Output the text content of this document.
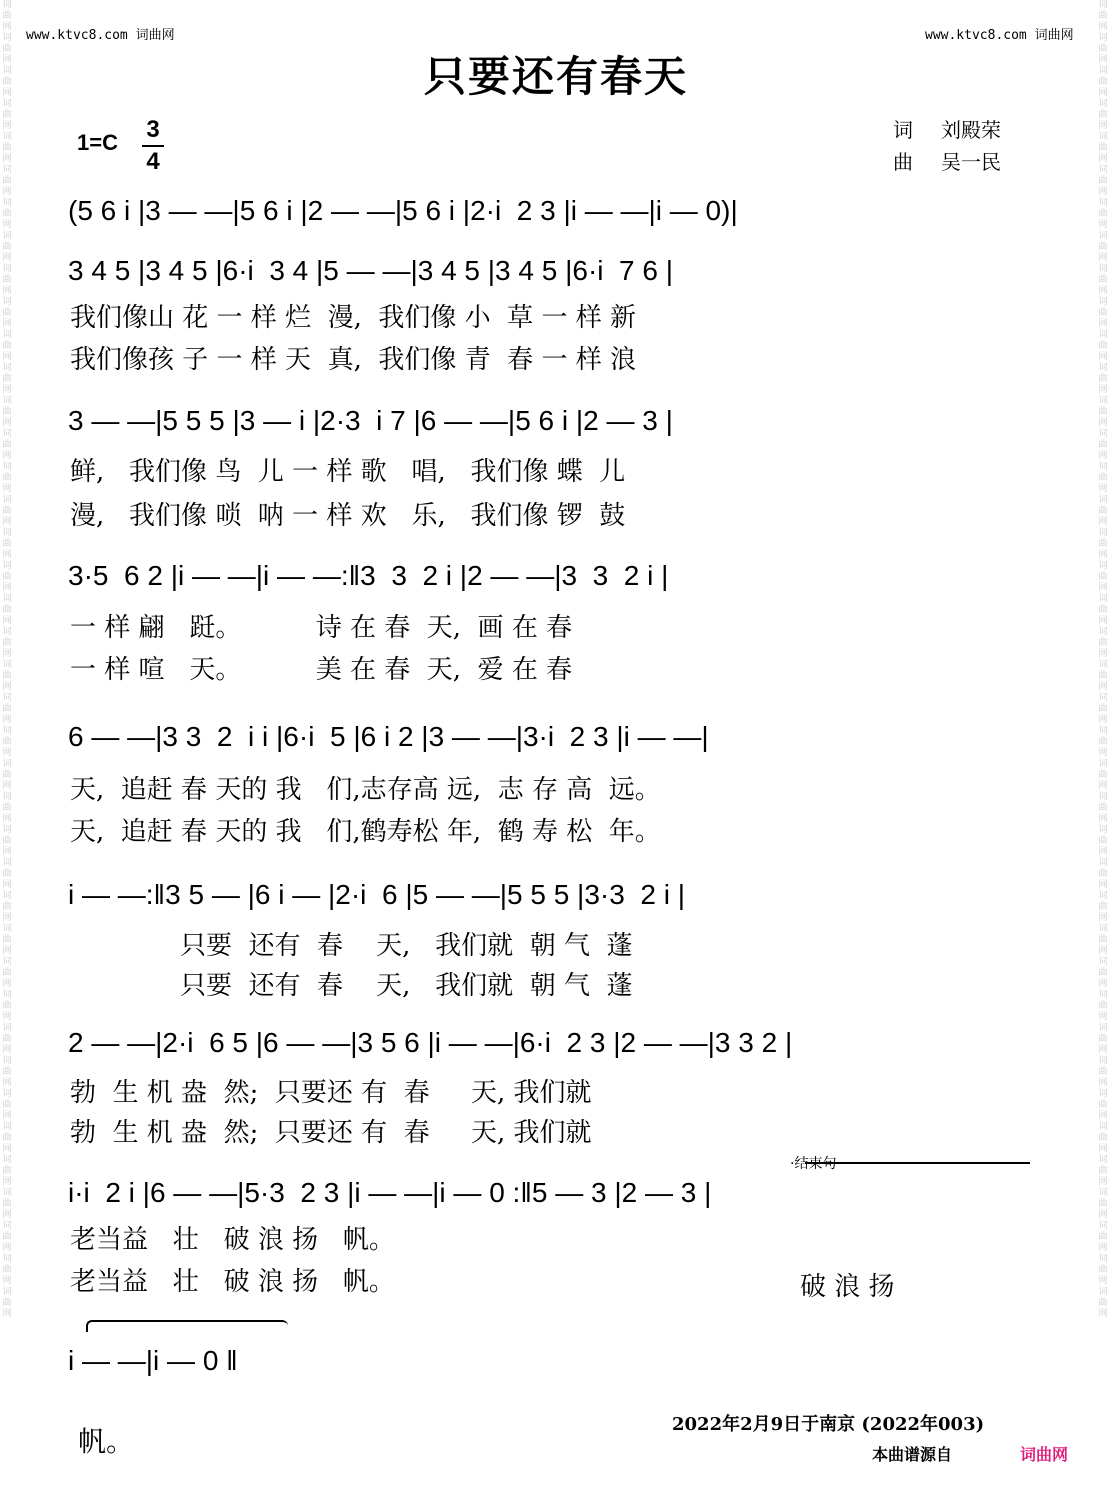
词曲网词曲网词曲网词曲网词曲网词曲网词曲网词曲网词曲网词曲网词曲网词曲网词曲网词曲网词曲网词曲网词曲网词曲网词曲网词曲网词曲网词曲网词曲网词曲网词曲网词曲网词曲网词曲网词曲网词曲网词曲网词曲网词曲网词曲网词曲网词曲网词曲网词曲网词曲网词曲网
词曲网词曲网词曲网词曲网词曲网词曲网词曲网词曲网词曲网词曲网词曲网词曲网词曲网词曲网词曲网词曲网词曲网词曲网词曲网词曲网词曲网词曲网词曲网词曲网词曲网词曲网词曲网词曲网词曲网词曲网词曲网词曲网词曲网词曲网词曲网词曲网词曲网词曲网词曲网词曲网
www.ktvc8.com 词曲网	www.ktvc8.com 词曲网
只要还有春天
1=C 3
4
词 刘殿荣
曲 吴一民
(5 6 i |3 — —|5 6 i |2 — —|5 6 i |2·i  2 3 |i — —|i — 0)|
3 4 5 |3 4 5 |6·i  3 4 |5 — —|3 4 5 |3 4 5 |6·i  7 6 |
我们像山 花 一 样 烂  漫,  我们像 小  草 一 样 新
我们像孩 子 一 样 天  真,  我们像 青  春 一 样 浪
3 — —|5 5 5 |3 — i |2·3  i 7 |6 — —|5 6 i |2 — 3 |
鲜,   我们像 鸟  儿 一 样 歌   唱,   我们像 蝶  儿
漫,   我们像 唢  呐 一 样 欢   乐,   我们像 锣  鼓
3·5  6 2 |i — —|i — —:‖3  3  2 i |2 — —|3  3  2 i |
一 样 翩   跹。         诗 在 春  天,  画 在 春
一 样 喧   天。         美 在 春  天,  爱 在 春
6 — —|3 3  2  i i |6·i  5 |6 i 2 |3 — —|3·i  2 3 |i — —|
天,  追赶 春 天的 我   们,志存高 远,  志 存 高  远。
天,  追赶 春 天的 我   们,鹤寿松 年,  鹤 寿 松  年。
i — —:‖3 5 — |6 i — |2·i  6 |5 — —|5 5 5 |3·3  2 i |
只要  还有  春    天,   我们就  朝 气  蓬
只要  还有  春    天,   我们就  朝 气  蓬
2 — —|2·i  6 5 |6 — —|3 5 6 |i — —|6·i  2 3 |2 — —|3 3 2 |
勃  生 机 盎  然;  只要还 有  春     天, 我们就
勃  生 机 盎  然;  只要还 有  春     天, 我们就
·结束句
i·i  2 i |6 — —|5·3  2 3 |i — —|i — 0 :‖5 — 3 |2 — 3 |
老当益   壮   破 浪 扬   帆。
老当益   壮   破 浪 扬   帆。	破 浪 扬
i — —|i — 0 ‖
帆。
2022年2月9日于南京 (2022年003)
本曲谱源自	词曲网
